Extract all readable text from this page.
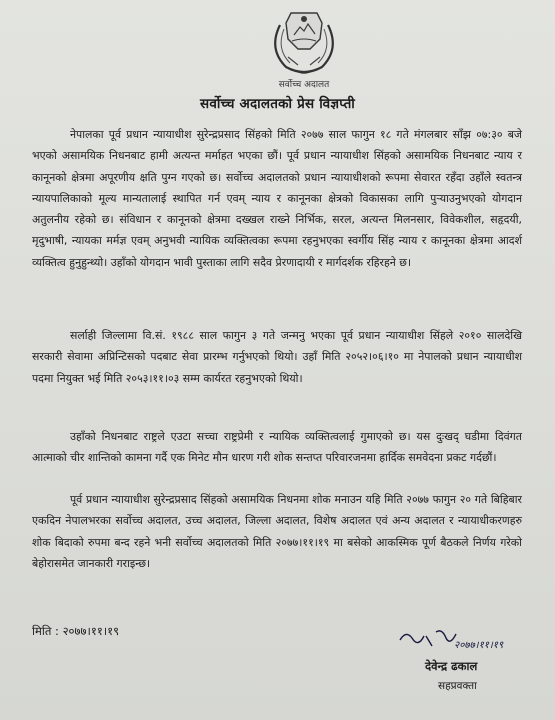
सर्वोच्च अदालत
सर्वोच्च अदालतको प्रेस विज्ञप्ती
नेपालका पूर्व प्रधान न्यायाधीश सुरेन्द्रप्रसाद सिंहको मिति २०७७ साल फागुन १८ गते मंगलबार साँझ ०७:३० बजे भएको असामयिक निधनबाट हामी अत्यन्त मर्माहत भएका छौं। पूर्व प्रधान न्यायाधीश सिंहको असामयिक निधनबाट न्याय र कानूनको क्षेत्रमा अपूरणीय क्षति पुग्न गएको छ। सर्वोच्च अदालतको प्रधान न्यायाधीशको रूपमा सेवारत रहँदा उहाँले स्वतन्त्र न्यायपालिकाको मूल्य मान्यतालाई स्थापित गर्न एवम् न्याय र कानूनका क्षेत्रको विकासका लागि पुऱ्याउनुभएको योगदान अतुलनीय रहेको छ। संविधान र कानूनको क्षेत्रमा दख्खल राख्ने निर्भिक, सरल, अत्यन्त मिलनसार, विवेकशील, सहृदयी, मृदुभाषी, न्यायका मर्मज्ञ एवम् अनुभवी न्यायिक व्यक्तित्वका रूपमा रहनुभएका स्वर्गीय सिंह न्याय र कानूनका क्षेत्रमा आदर्श व्यक्तित्व हुनुहुन्थ्यो। उहाँको योगदान भावी पुस्ताका लागि सदैव प्रेरणादायी र मार्गदर्शक रहिरहने छ।
सर्लाही जिल्लामा वि.सं. १९८८ साल फागुन ३ गते जन्मनु भएका पूर्व प्रधान न्यायाधीश सिंहले २०१० सालदेखि सरकारी सेवामा अप्रिन्टिसको पदबाट सेवा प्रारम्भ गर्नुभएको थियो। उहाँ मिति २०५२।०६।१० मा नेपालको प्रधान न्यायाधीश पदमा नियुक्त भई मिति २०५३।११।०३ सम्म कार्यरत रहनुभएको थियो।
उहाँको निधनबाट राष्ट्रले एउटा सच्चा राष्ट्रप्रेमी र न्यायिक व्यक्तित्वलाई गुमाएको छ। यस दुःखद् घडीमा दिवंगत आत्माको चीर शान्तिको कामना गर्दै एक मिनेट मौन धारण गरी शोक सन्तप्त परिवारजनमा हार्दिक समवेदना प्रकट गर्दछौं।
पूर्व प्रधान न्यायाधीश सुरेन्द्रप्रसाद सिंहको असामयिक निधनमा शोक मनाउन यहि मिति २०७७ फागुन २० गते बिहिबार एकदिन नेपालभरका सर्वोच्च अदालत, उच्च अदालत, जिल्ला अदालत, विशेष अदालत एवं अन्य अदालत र न्यायाधीकरणहरु शोक बिदाको रुपमा बन्द रहने भनी सर्वोच्च अदालतको मिति २०७७।११।१९ मा बसेको आकस्मिक पूर्ण बैठकले निर्णय गरेको बेहोरासमेत जानकारी गराइन्छ।
मिति : २०७७।११।१९
२०७७।११।१९
देवेन्द्र ढकाल
सहप्रवक्ता
